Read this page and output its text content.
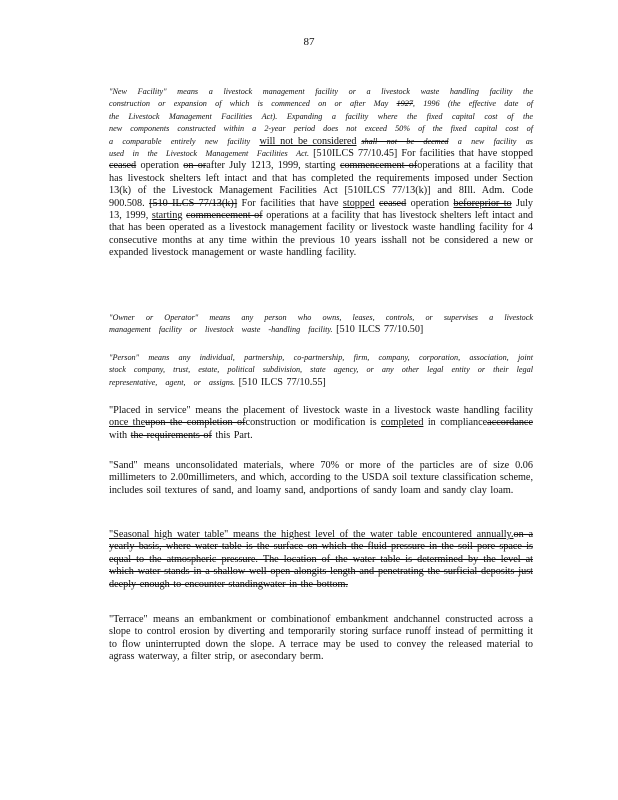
87

"New Facility" means a livestock management facility or a livestock waste handling facility the construction or expansion of which is commenced on or after May 1927, 1996 (the effective date of the Livestock Management Facilities Act). Expanding a facility where the fixed capital cost of the new components constructed within a 2-year period does not exceed 50% of the fixed capital cost of a comparable entirely new facility will not be considered shall not be deemed a new facility as used in the Livestock Management Facilities Act. [510ILCS 77/10.45] For facilities that have stopped ceased operation on orafter July 1213, 1999, starting commencement ofoperations at a facility that has livestock shelters left intact and that has completed the requirements imposed under Section 13(k) of the Livestock Management Facilities Act [510ILCS 77/13(k)] and 8Ill. Adm. Code 900.508. [510 ILCS 77/13(k)] For facilities that have stopped ceased operation beforeprior to July 13, 1999, starting commencement of operations at a facility that has livestock shelters left intact and that has been operated as a livestock management facility or livestock waste handling facility for 4 consecutive months at any time within the previous 10 years isshall not be considered a new or expanded livestock management or waste handling facility.

"Owner or Operator" means any person who owns, leases, controls, or supervises a livestock management facility or livestock waste -handling facility. [510 ILCS 77/10.50]

"Person" means any individual, partnership, co-partnership, firm, company, corporation, association, joint stock company, trust, estate, political subdivision, state agency, or any other legal entity or their legal representative, agent, or assigns. [510 ILCS 77/10.55]

"Placed in service" means the placement of livestock waste in a livestock waste handling facility once theupon the completion ofconstruction or modification is completed in complianceaccordance with the requirements of this Part.

"Sand" means unconsolidated materials, where 70% or more of the particles are of size 0.06 millimeters to 2.00millimeters, and which, according to the USDA soil texture classification scheme, includes soil textures of sand, and loamy sand, andportions of sandy loam and sandy clay loam.

"Seasonal high water table" means the highest level of the water table encountered annually.on a yearly basis, where water table is the surface on which the fluid pressure in the soil pore space is equal to the atmospheric pressure. The location of the water table is determined by the level at which water stands in a shallow well open alongits length and penetrating the surficial deposits just deeply enough to encounter standingwater in the bottom.

"Terrace" means an embankment or combinationof embankment andchannel constructed across a slope to control erosion by diverting and temporarily storing surface runoff instead of permitting it to flow uninterrupted down the slope. A terrace may be used to convey the released material to agrass waterway, a filter strip, or asecondary berm.
